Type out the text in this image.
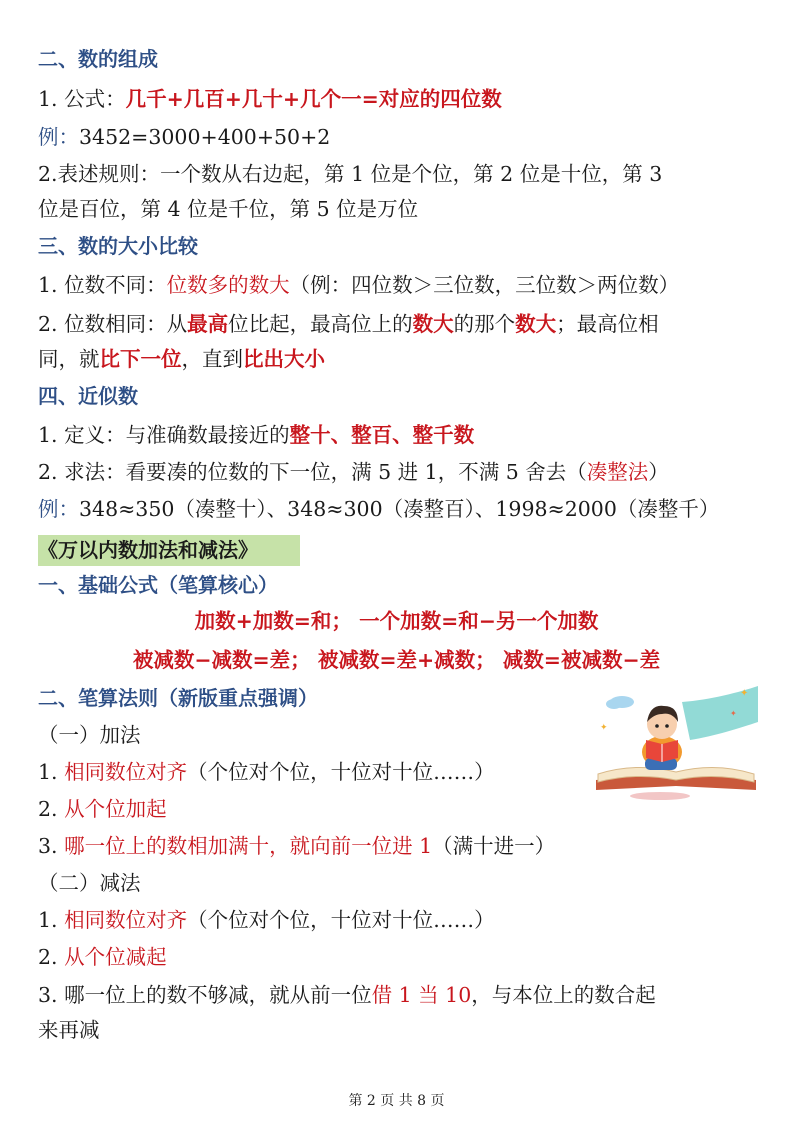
二、数的组成
1. 公式：几千+几百+几十+几个一=对应的四位数
例：3452=3000+400+50+2
2.表述规则：一个数从右边起，第 1 位是个位，第 2 位是十位，第 3
位是百位，第 4 位是千位，第 5 位是万位
三、数的大小比较
1. 位数不同：位数多的数大（例：四位数＞三位数，三位数＞两位数）
2. 位数相同：从最高位比起，最高位上的数大的那个数大；最高位相
同，就比下一位，直到比出大小
四、近似数
1. 定义：与准确数最接近的整十、整百、整千数
2. 求法：看要凑的位数的下一位，满 5 进 1，不满 5 舍去（凑整法）
例：348≈350（凑整十）、348≈300（凑整百）、1998≈2000（凑整千）
《万以内数加法和减法》
一、基础公式（笔算核心）
加数+加数=和； 一个加数=和−另一个加数
被减数−减数=差； 被减数=差+减数； 减数=被减数−差
二、笔算法则（新版重点强调）
（一）加法
1. 相同数位对齐（个位对个位，十位对十位……）
2. 从个位加起
3. 哪一位上的数相加满十，就向前一位进 1（满十进一）
（二）减法
1. 相同数位对齐（个位对个位，十位对十位……）
2. 从个位减起
3. 哪一位上的数不够减，就从前一位借 1 当 10，与本位上的数合起
来再减
✦
✦
✦
第 2 页 共 8 页
